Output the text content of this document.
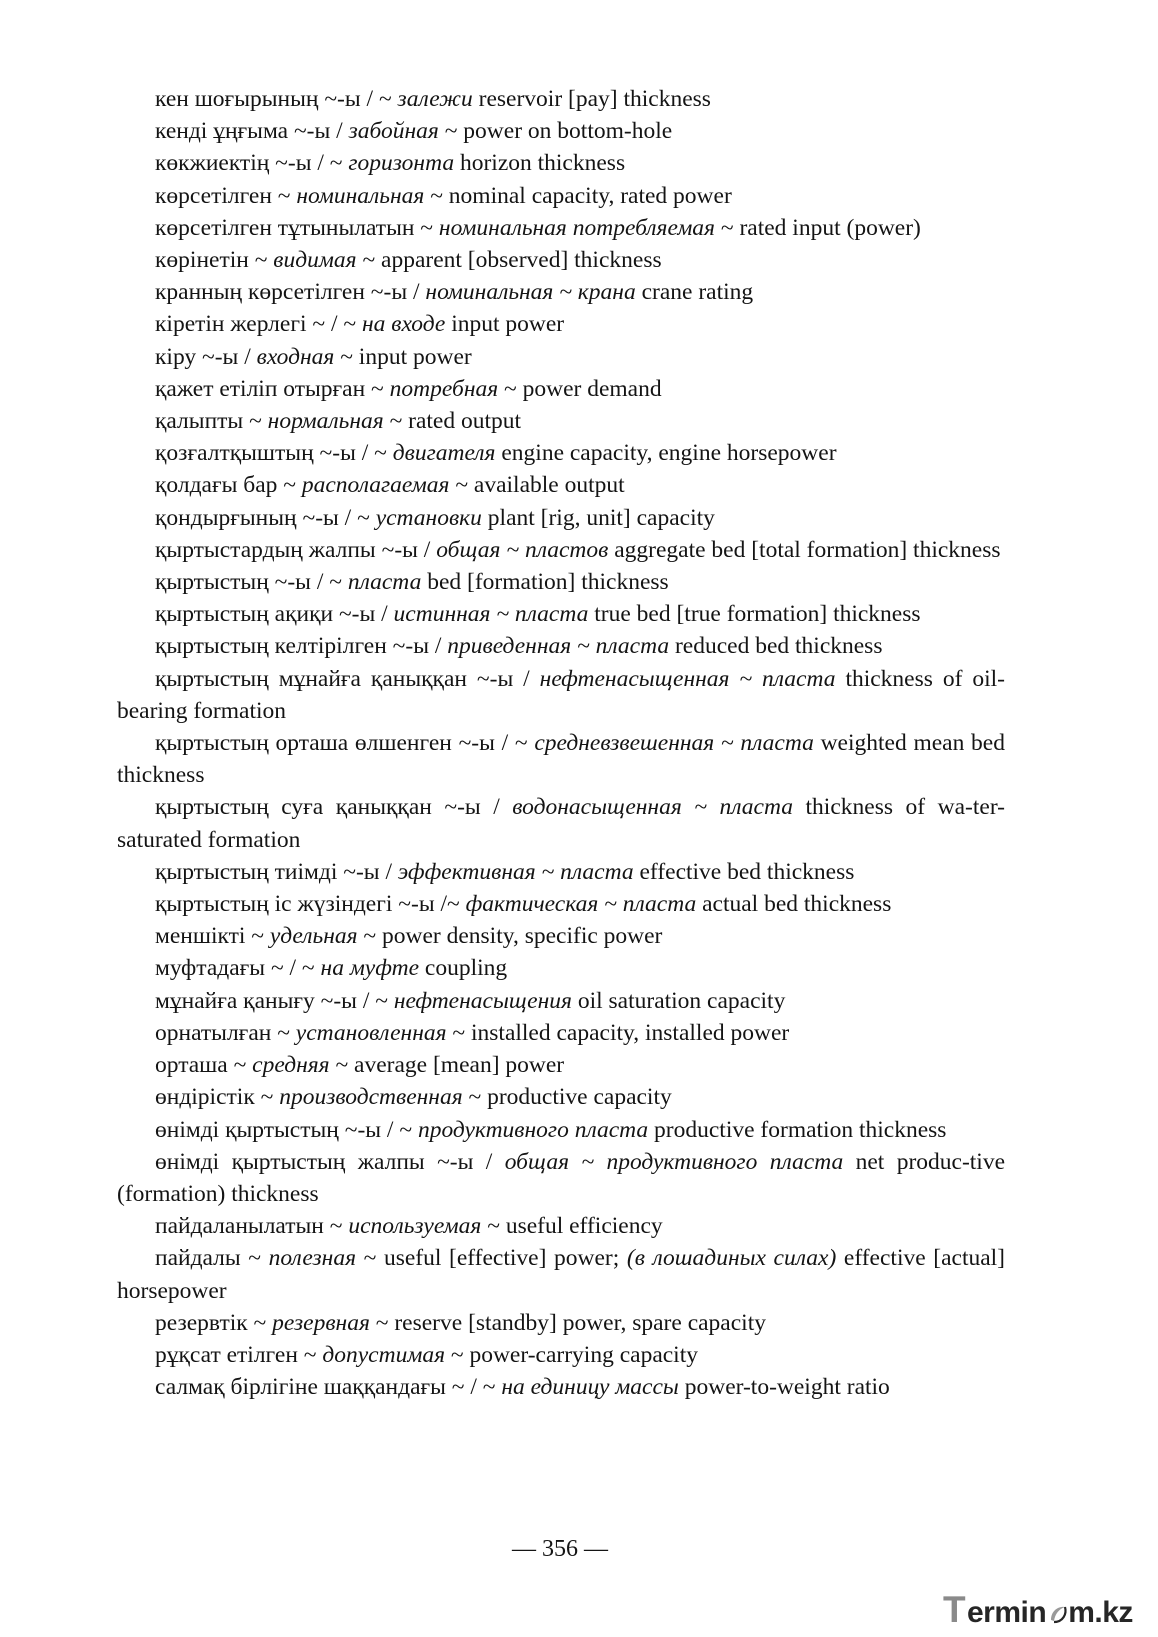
кен шоғырының ~-ы / ~ залежи reservoir [pay] thickness

кенді ұңғыма ~-ы / забойная ~ power on bottom-hole

көкжиектің ~-ы / ~ горизонта horizon thickness

көрсетілген ~ номинальная ~ nominal capacity, rated power

көрсетілген тұтынылатын ~ номинальная потребляемая ~ rated input (power)

көрінетін ~ видимая ~ apparent [observed] thickness

кранның көрсетілген ~-ы / номинальная ~ крана crane rating

кіретін жерлегі ~ / ~ на входе input power

кіру ~-ы / входная ~ input power

қажет етіліп отырған ~ потребная ~ power demand

қалыпты ~ нормальная ~ rated output

қозғалтқыштың ~-ы / ~ двигателя engine capacity, engine horsepower

қолдағы бар ~ располагаемая ~ available output

қондырғының ~-ы / ~ установки plant [rig, unit] capacity

қыртыстардың жалпы ~-ы / общая ~ пластов aggregate bed [total formation] thickness

қыртыстың ~-ы / ~ пласта bed [formation] thickness

қыртыстың ақиқи ~-ы / истинная ~ пласта true bed [true formation] thickness

қыртыстың келтірілген ~-ы / приведенная ~ пласта reduced bed thickness

қыртыстың мұнайға қаныққан ~-ы / нефтенасыщенная ~ пласта thickness of oil-bearing formation

қыртыстың орташа өлшенген ~-ы / ~ средневзвешенная ~ пласта weighted mean bed thickness

қыртыстың суға қаныққан ~-ы / водонасыщенная ~ пласта thickness of wa-ter-saturated formation

қыртыстың тиімді ~-ы / эффективная ~ пласта effective bed thickness

қыртыстың іс жүзіндегі ~-ы /~ фактическая ~ пласта actual bed thickness

меншікті ~ удельная ~ power density, specific power

муфтадағы ~ / ~ на муфте coupling

мұнайға қанығу ~-ы / ~ нефтенасыщения oil saturation capacity

орнатылған ~ установленная ~ installed capacity, installed power

орташа ~ средняя ~ average [mean] power

өндірістік ~ производственная ~ productive capacity

өнімді қыртыстың ~-ы / ~ продуктивного пласта productive formation thickness

өнімді қыртыстың жалпы ~-ы / общая ~ продуктивного пласта net produc-tive (formation) thickness

пайдаланылатын ~ используемая ~ useful efficiency

пайдалы ~ полезная ~ useful [effective] power; (в лошадиных силах) effective [actual] horsepower

резервтік ~ резервная ~ reserve [standby] power, spare capacity

рұқсат етілген ~ допустимая ~ power-carrying capacity

салмақ бірлігіне шаққандағы ~ / ~ на единицу массы power-to-weight ratio

— 356 —
T ermin m.kz
